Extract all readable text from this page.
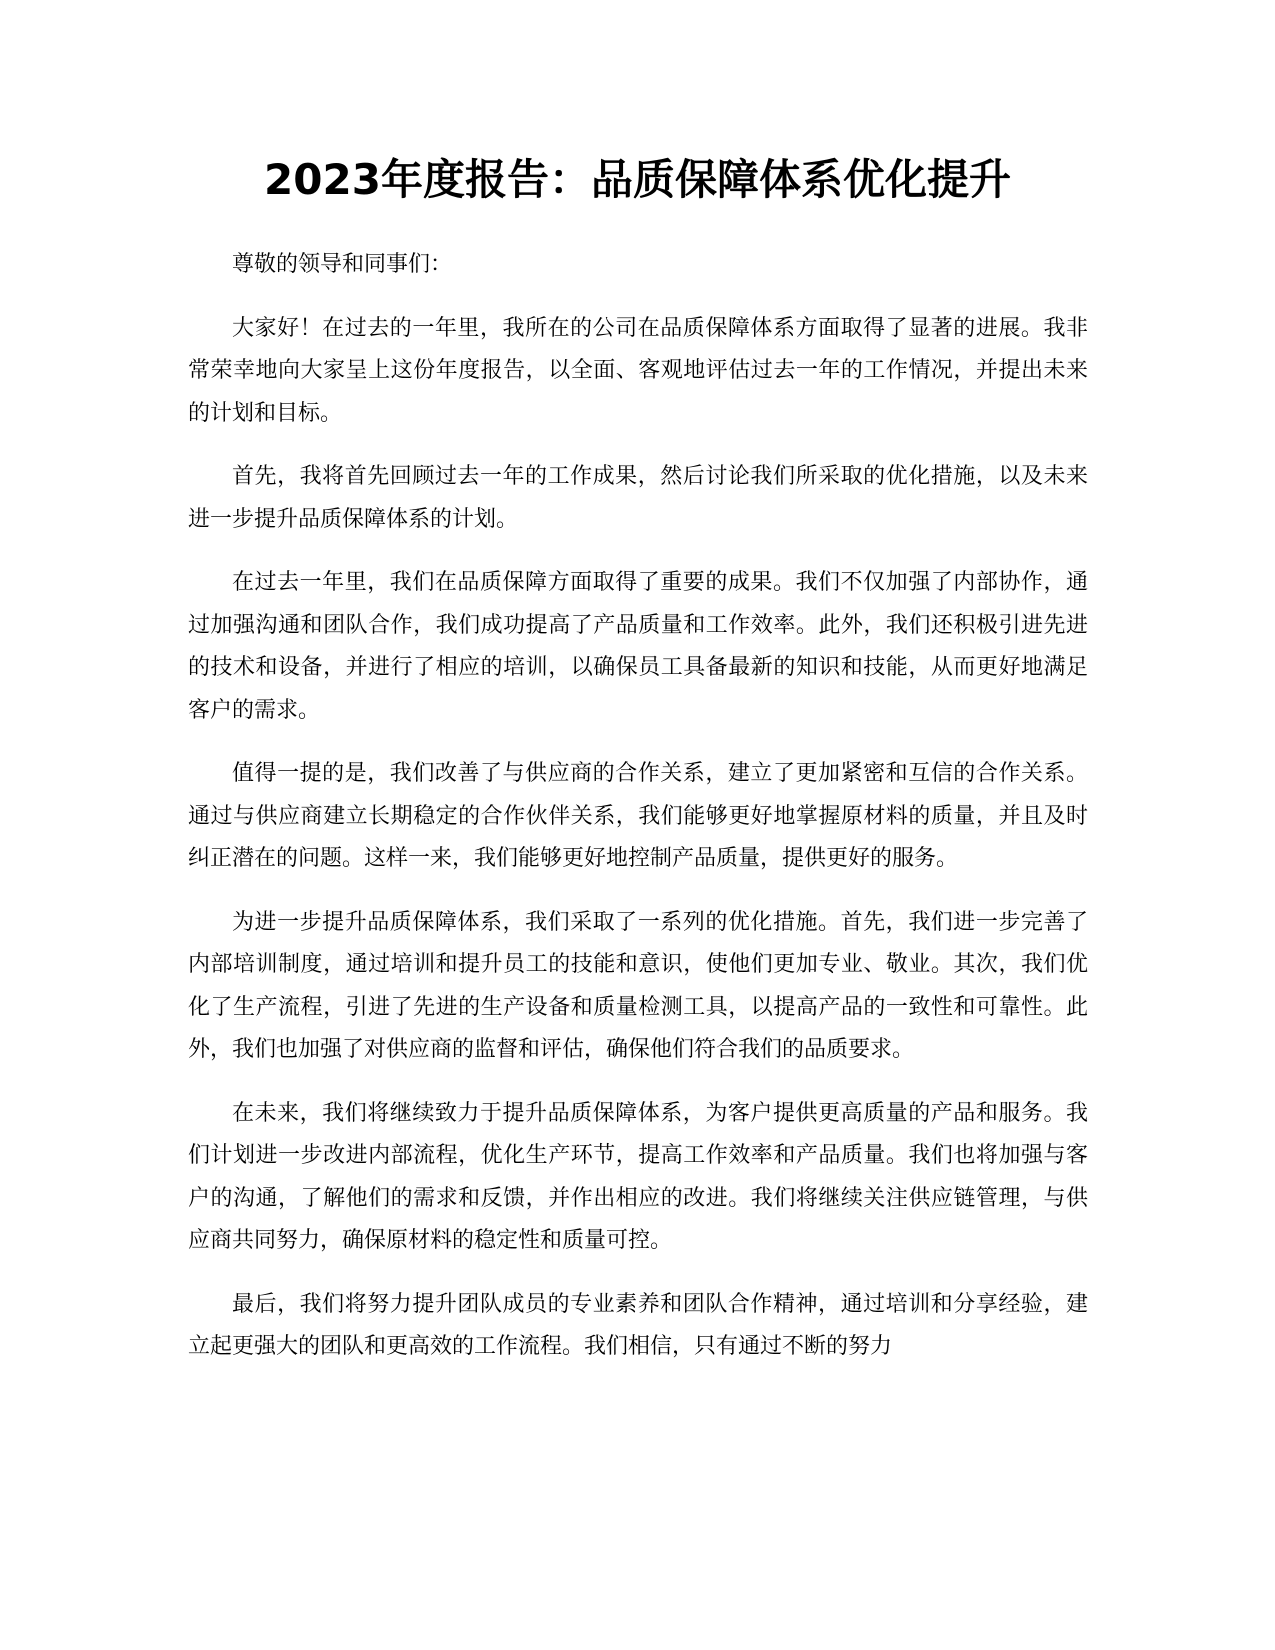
2023年度报告：品质保障体系优化提升

尊敬的领导和同事们：

大家好！在过去的一年里，我所在的公司在品质保障体系方面取得了显著的进展。我非常荣幸地向大家呈上这份年度报告，以全面、客观地评估过去一年的工作情况，并提出未来的计划和目标。

首先，我将首先回顾过去一年的工作成果，然后讨论我们所采取的优化措施，以及未来进一步提升品质保障体系的计划。

在过去一年里，我们在品质保障方面取得了重要的成果。我们不仅加强了内部协作，通过加强沟通和团队合作，我们成功提高了产品质量和工作效率。此外，我们还积极引进先进的技术和设备，并进行了相应的培训，以确保员工具备最新的知识和技能，从而更好地满足客户的需求。

值得一提的是，我们改善了与供应商的合作关系，建立了更加紧密和互信的合作关系。通过与供应商建立长期稳定的合作伙伴关系，我们能够更好地掌握原材料的质量，并且及时纠正潜在的问题。这样一来，我们能够更好地控制产品质量，提供更好的服务。

为进一步提升品质保障体系，我们采取了一系列的优化措施。首先，我们进一步完善了内部培训制度，通过培训和提升员工的技能和意识，使他们更加专业、敬业。其次，我们优化了生产流程，引进了先进的生产设备和质量检测工具，以提高产品的一致性和可靠性。此外，我们也加强了对供应商的监督和评估，确保他们符合我们的品质要求。

在未来，我们将继续致力于提升品质保障体系，为客户提供更高质量的产品和服务。我们计划进一步改进内部流程，优化生产环节，提高工作效率和产品质量。我们也将加强与客户的沟通，了解他们的需求和反馈，并作出相应的改进。我们将继续关注供应链管理，与供应商共同努力，确保原材料的稳定性和质量可控。

最后，我们将努力提升团队成员的专业素养和团队合作精神，通过培训和分享经验，建立起更强大的团队和更高效的工作流程。我们相信，只有通过不断的努力
